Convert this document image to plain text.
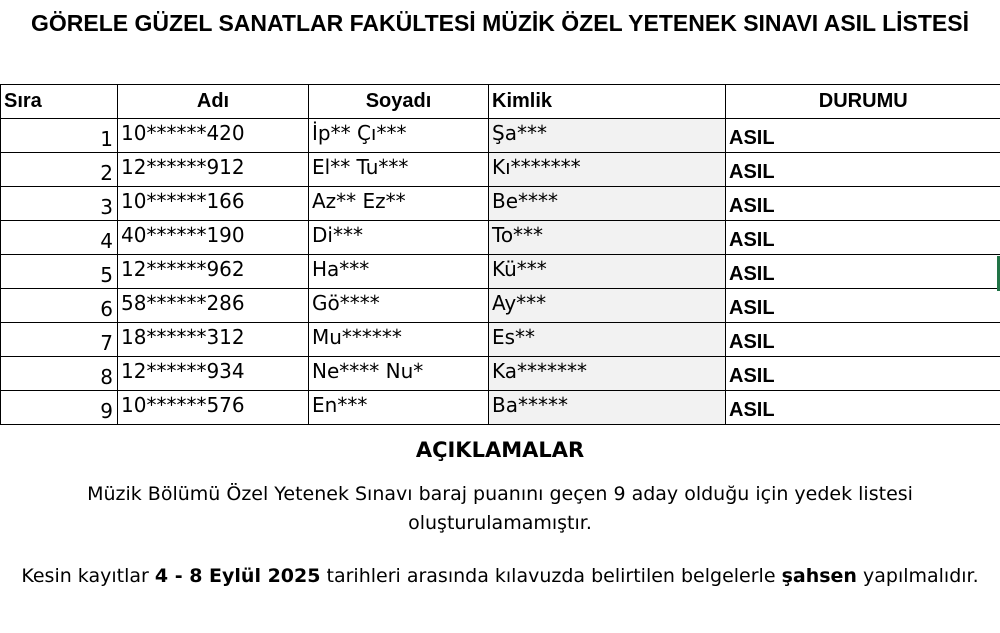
GÖRELE GÜZEL SANATLAR FAKÜLTESİ MÜZİK ÖZEL YETENEK SINAVI ASIL LİSTESİ
Sıra	Adı	Soyadı	Kimlik	DURUMU
1	10******420	İp** Çı***	Şa***	ASIL
2	12******912	El** Tu***	Kı*******	ASIL
3	10******166	Az** Ez**	Be****	ASIL
4	40******190	Di***	To***	ASIL
5	12******962	Ha***	Kü***	ASIL
6	58******286	Gö****	Ay***	ASIL
7	18******312	Mu******	Es**	ASIL
8	12******934	Ne**** Nu*	Ka*******	ASIL
9	10******576	En***	Ba*****	ASIL
AÇIKLAMALAR
Müzik Bölümü Özel Yetenek Sınavı baraj puanını geçen 9 aday olduğu için yedek listesi oluşturulamamıştır.
Kesin kayıtlar 4 - 8 Eylül 2025 tarihleri arasında kılavuzda belirtilen belgelerle şahsen yapılmalıdır.
